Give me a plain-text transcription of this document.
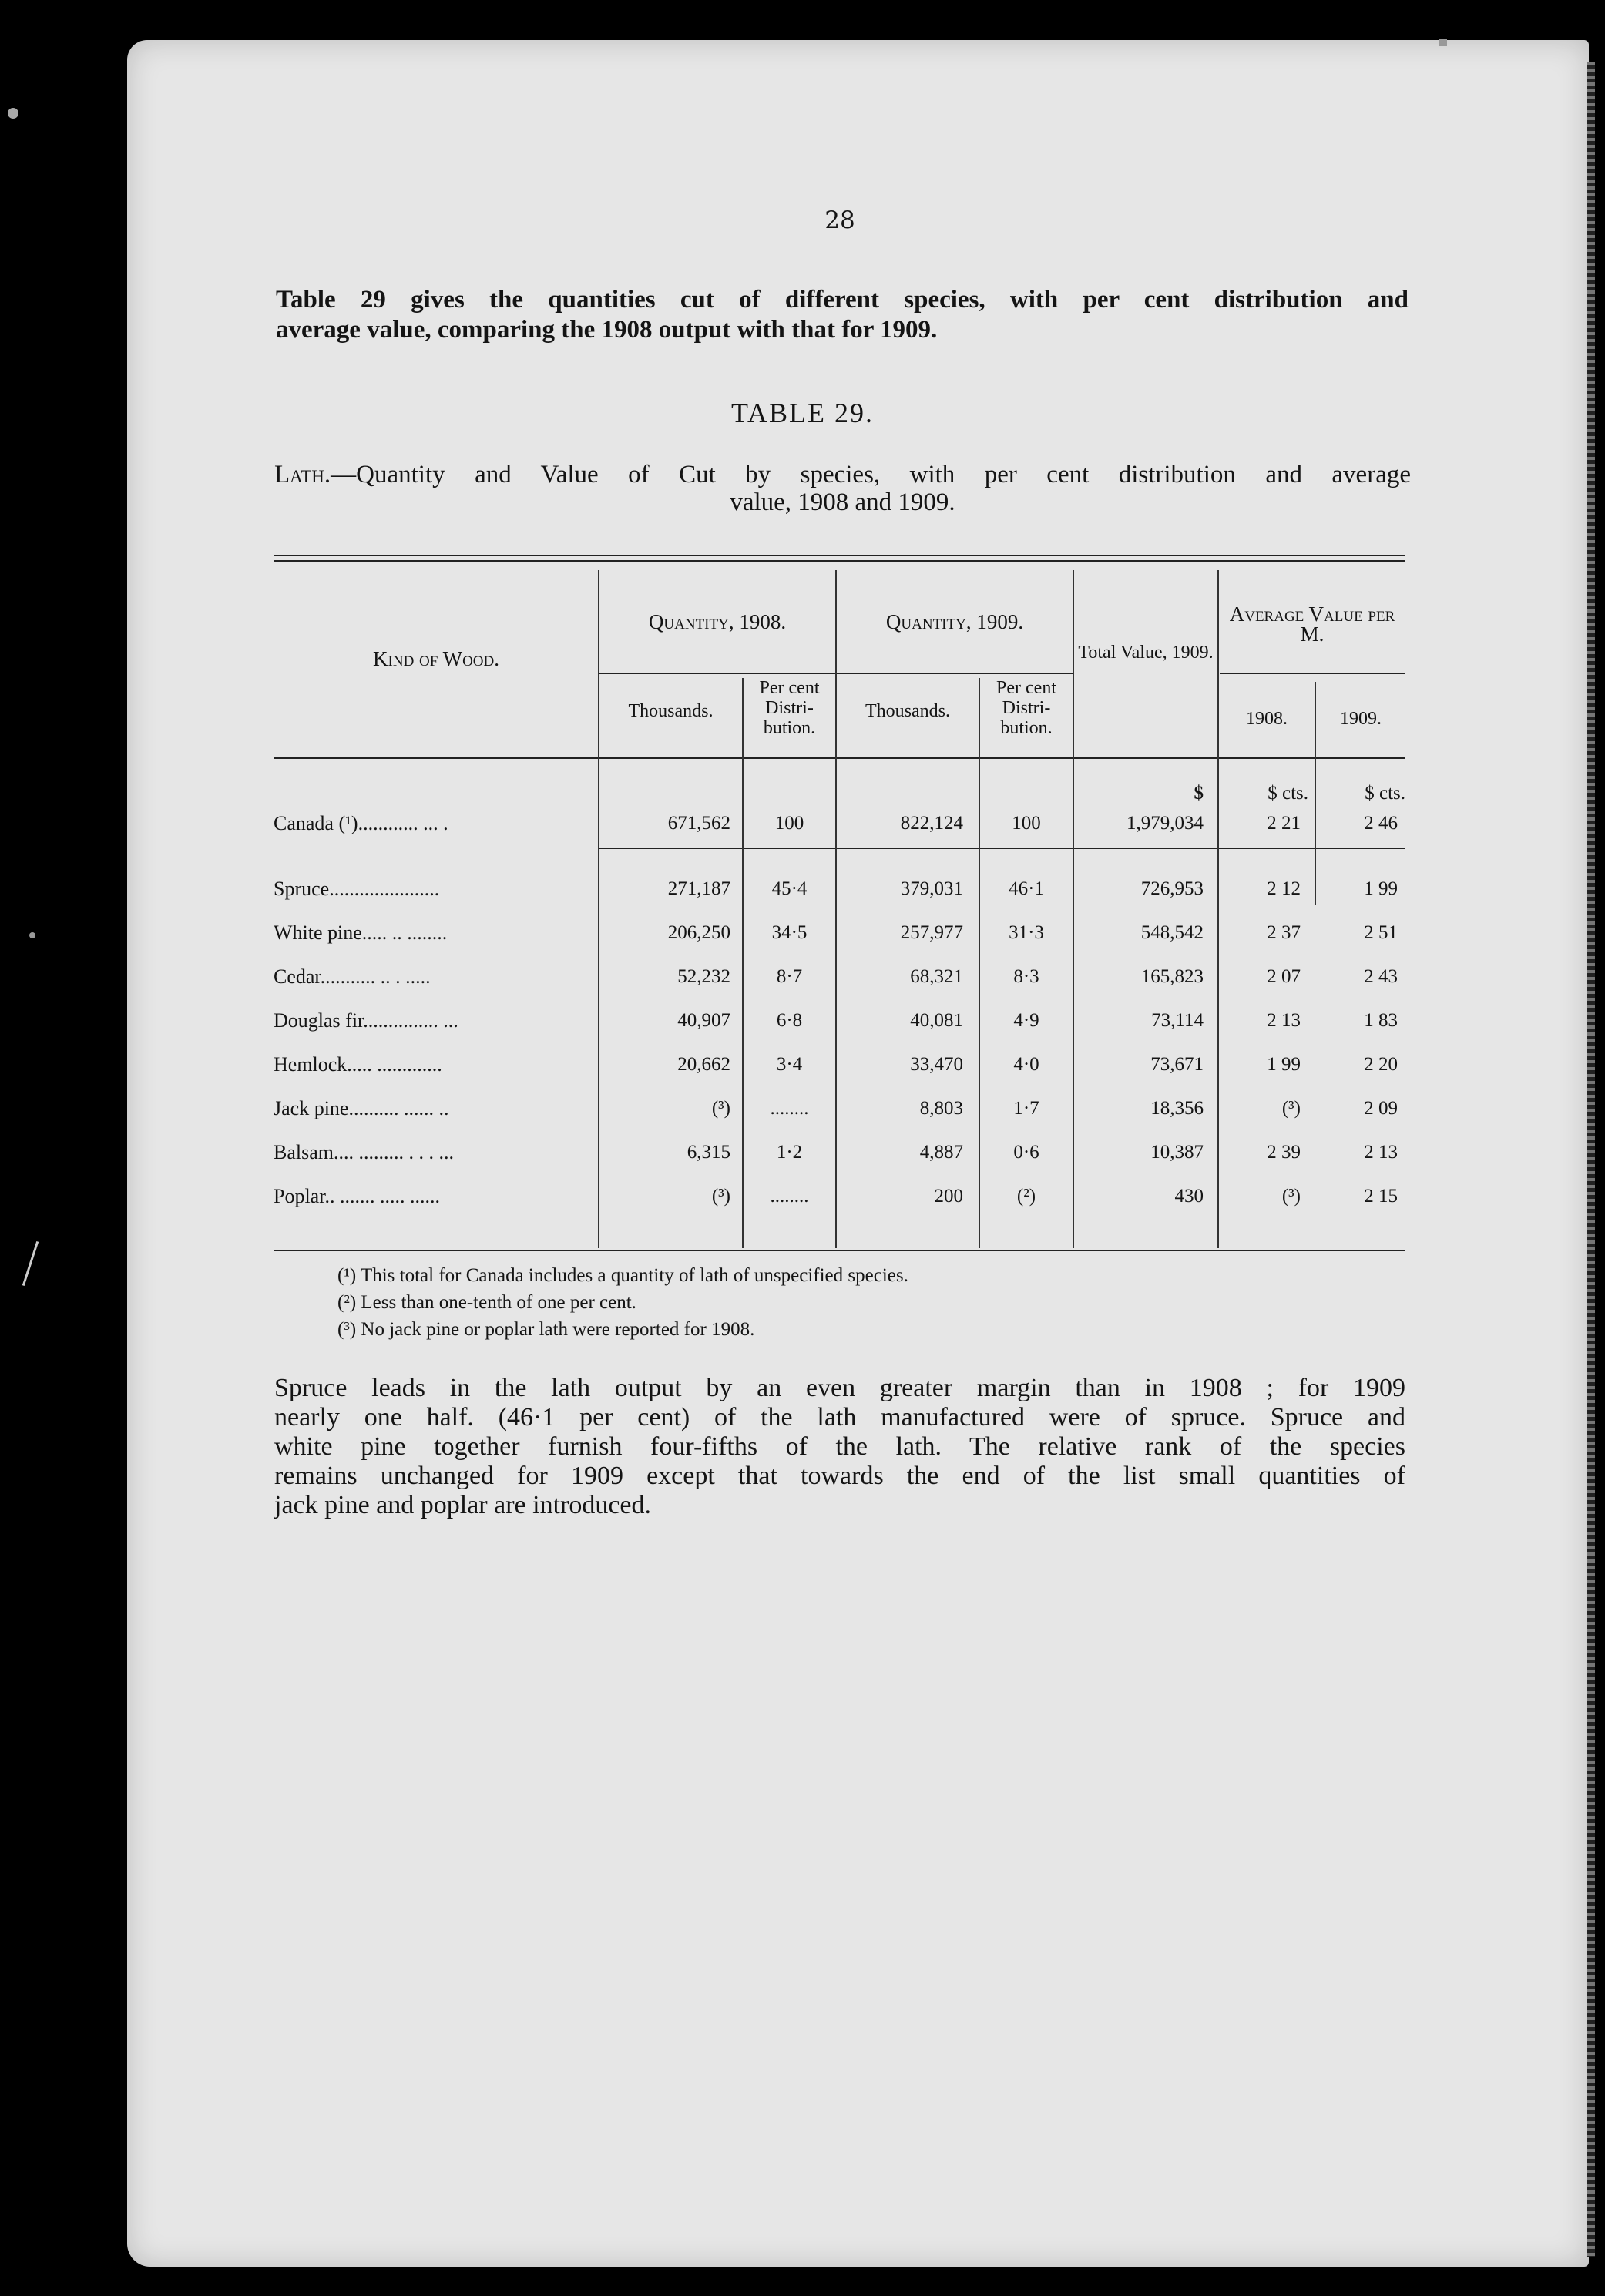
28

Table 29 gives the quantities cut of different species, with per cent distribution and
average value, comparing the 1908 output with that for 1909.

TABLE 29.
Lath.—Quantity and Value of Cut by species, with per cent distribution and average
value, 1908 and 1909.
Kind of Wood.
Quantity, 1908.	Quantity, 1909.
Thousands.
Per cent Distri- bution.
Thousands.
Per cent Distri- bution.
Total Value, 1909.
Average Value per M.
1908.	1909.
$	$ cts.	$ cts.
Canada (¹)............ ... .	671,562	100	822,124	100	1,979,034	2 21	2 46
Spruce......................	271,187	45·4	379,031	46·1	726,953	2 12	1 99
White pine..... .. ........	206,250	34·5	257,977	31·3	548,542	2 37	2 51
Cedar........... .. . .....	52,232	8·7	68,321	8·3	165,823	2 07	2 43
Douglas fir............... ...	40,907	6·8	40,081	4·9	73,114	2 13	1 83
Hemlock..... .............	20,662	3·4	33,470	4·0	73,671	1 99	2 20
Jack pine.......... ...... ..	(³)	........	8,803	1·7	18,356	(³)	2 09
Balsam.... ......... . . . ...	6,315	1·2	4,887	0·6	10,387	2 39	2 13
Poplar.. ....... ..... ......	(³)	........	200	(²)	430	(³)	2 15
(¹) This total for Canada includes a quantity of lath of unspecified species.
(²) Less than one-tenth of one per cent.
(³) No jack pine or poplar lath were reported for 1908.

Spruce leads in the lath output by an even greater margin than in 1908 ; for 1909
nearly one half. (46·1 per cent) of the lath manufactured were of spruce. Spruce and
white pine together furnish four-fifths of the lath. The relative rank of the species
remains unchanged for 1909 except that towards the end of the list small quantities of
jack pine and poplar are introduced.
